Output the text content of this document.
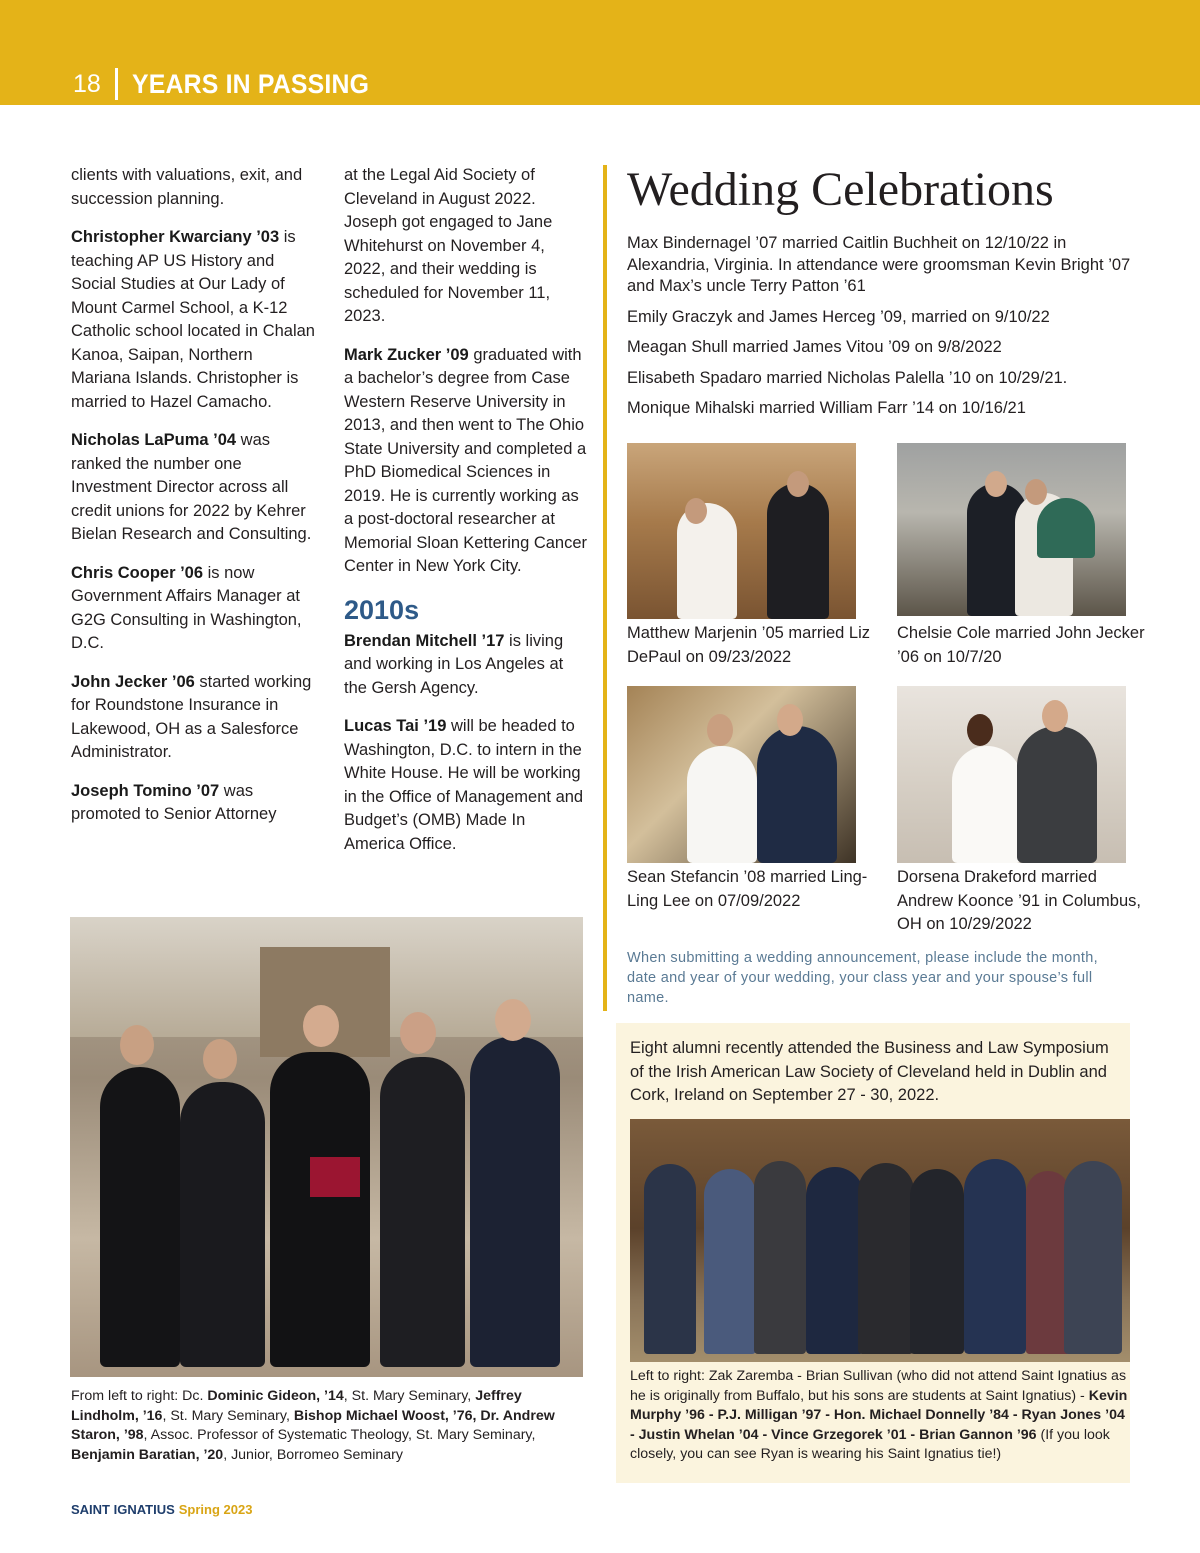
18 YEARS IN PASSING

clients with valuations, exit, and succession planning.

Christopher Kwarciany ’03 is teaching AP US History and Social Studies at Our Lady of Mount Carmel School, a K-12 Catholic school located in Chalan Kanoa, Saipan, Northern Mariana Islands. Christopher is married to Hazel Camacho.

Nicholas LaPuma ’04 was ranked the number one Investment Director across all credit unions for 2022 by Kehrer Bielan Research and Consulting.

Chris Cooper ’06 is now Government Affairs Manager at G2G Consulting in Washington, D.C.

John Jecker ’06 started working for Roundstone Insurance in Lakewood, OH as a Salesforce Administrator.

Joseph Tomino ’07 was promoted to Senior Attorney

at the Legal Aid Society of Cleveland in August 2022. Joseph got engaged to Jane Whitehurst on November 4, 2022, and their wedding is scheduled for November 11, 2023.

Mark Zucker ’09 graduated with a bachelor’s degree from Case Western Reserve University in 2013, and then went to The Ohio State University and completed a PhD Biomedical Sciences in 2019. He is currently working as a post-doctoral researcher at Memorial Sloan Kettering Cancer Center in New York City.

2010s

Brendan Mitchell ’17 is living and working in Los Angeles at the Gersh Agency.

Lucas Tai ’19 will be headed to Washington, D.C. to intern in the White House. He will be working in the Office of Management and Budget’s (OMB) Made In America Office.

Wedding Celebrations
Max Bindernagel ’07 married Caitlin Buchheit on 12/10/22 in Alexandria, Virginia. In attendance were groomsman Kevin Bright ’07 and Max’s uncle Terry Patton ’61
Emily Graczyk and James Herceg ’09, married on 9/10/22
Meagan Shull married James Vitou ’09 on 9/8/2022
Elisabeth Spadaro married Nicholas Palella ’10 on 10/29/21.
Monique Mihalski married William Farr ’14 on 10/16/21
Matthew Marjenin ’05 married Liz DePaul on 09/23/2022
Chelsie Cole married John Jecker ’06 on 10/7/20
Sean Stefancin ’08 married Ling-Ling Lee on 07/09/2022
Dorsena Drakeford married Andrew Koonce ’91 in Columbus, OH on 10/29/2022
When submitting a wedding announcement, please include the month, date and year of your wedding, your class year and your spouse’s full name.
From left to right: Dc. Dominic Gideon, ’14, St. Mary Seminary, Jeffrey Lindholm, ’16, St. Mary Seminary, Bishop Michael Woost, ’76, Dr. Andrew Staron, ’98, Assoc. Professor of Systematic Theology, St. Mary Seminary, Benjamin Baratian, ’20, Junior, Borromeo Seminary
Eight alumni recently attended the Business and Law Symposium of the Irish American Law Society of Cleveland held in Dublin and Cork, Ireland on September 27 - 30, 2022.
Left to right: Zak Zaremba - Brian Sullivan (who did not attend Saint Ignatius as he is originally from Buffalo, but his sons are students at Saint Ignatius) - Kevin Murphy ’96 - P.J. Milligan ’97 - Hon. Michael Donnelly ’84 - Ryan Jones ’04 - Justin Whelan ’04 - Vince Grzegorek ’01 - Brian Gannon ’96 (If you look closely, you can see Ryan is wearing his Saint Ignatius tie!)
SAINT IGNATIUS Spring 2023
